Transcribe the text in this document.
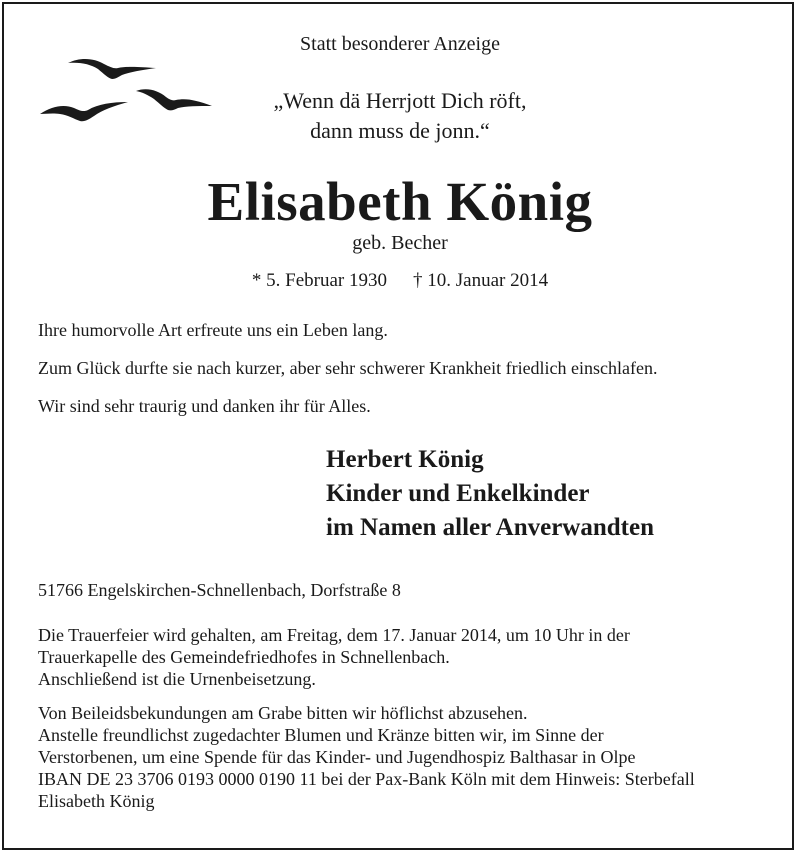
Statt besonderer Anzeige
„Wenn dä Herrjott Dich röft,
dann muss de jonn.“
Elisabeth König
geb. Becher
* 5. Februar 1930 † 10. Januar 2014
Ihre humorvolle Art erfreute uns ein Leben lang.
Zum Glück durfte sie nach kurzer, aber sehr schwerer Krankheit friedlich einschlafen.
Wir sind sehr traurig und danken ihr für Alles.
Herbert König
Kinder und Enkelkinder
im Namen aller Anverwandten
51766 Engelskirchen-Schnellenbach, Dorfstraße 8

Die Trauerfeier wird gehalten, am Freitag, dem 17. Januar 2014, um 10 Uhr in der

Trauerkapelle des Gemeindefriedhofes in Schnellenbach.

Anschließend ist die Urnenbeisetzung.

Von Beileidsbekundungen am Grabe bitten wir höflichst abzusehen.

Anstelle freundlichst zugedachter Blumen und Kränze bitten wir, im Sinne der

Verstorbenen, um eine Spende für das Kinder- und Jugendhospiz Balthasar in Olpe

IBAN DE 23 3706 0193 0000 0190 11 bei der Pax-Bank Köln mit dem Hinweis: Sterbefall

Elisabeth König
